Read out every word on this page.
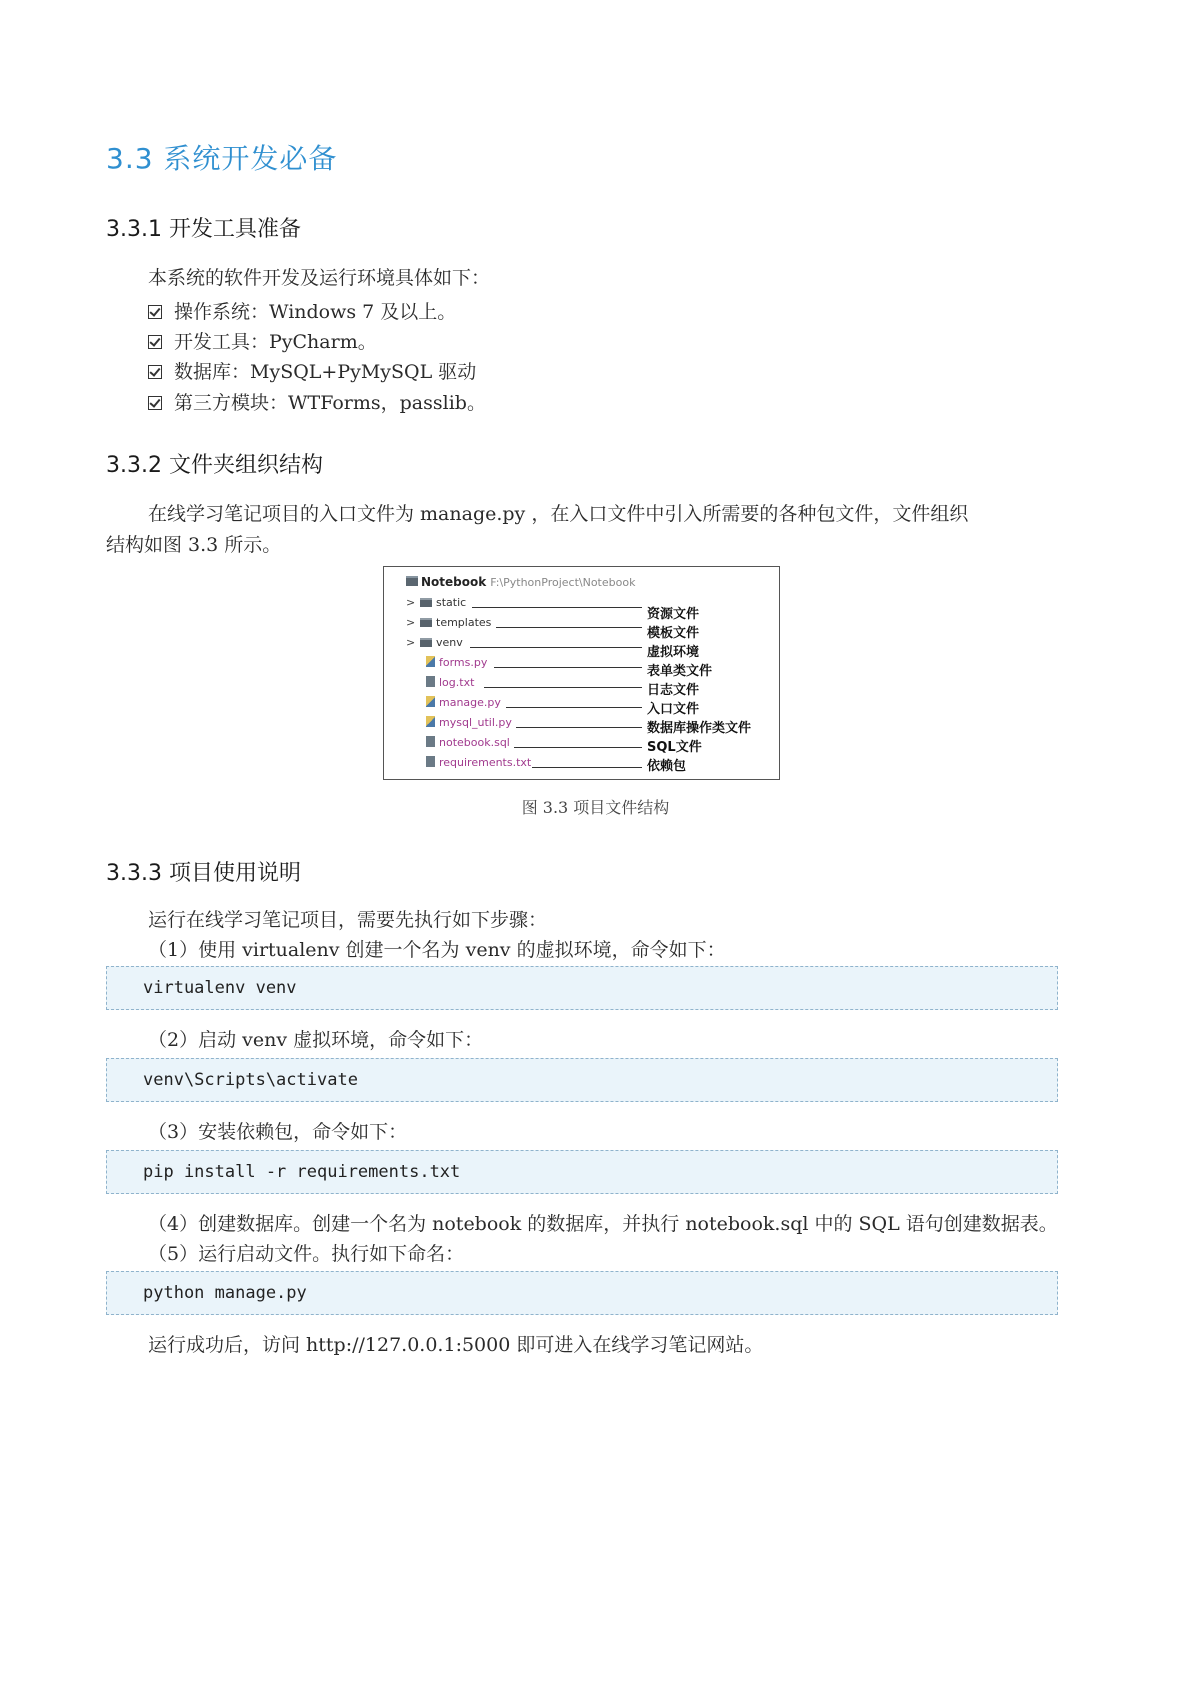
3.3 系统开发必备
3.3.1 开发工具准备
本系统的软件开发及运行环境具体如下：
操作系统：Windows 7 及以上。
开发工具：PyCharm。
数据库：MySQL+PyMySQL 驱动
第三方模块：WTForms，passlib。
3.3.2 文件夹组织结构
在线学习笔记项目的入口文件为 manage.py ，在入口文件中引入所需要的各种包文件，文件组织
结构如图 3.3 所示。
Notebook F:\PythonProject\Notebook
> static
> templates
> venv
forms.py
log.txt
manage.py
mysql_util.py
notebook.sql
requirements.txt
资源文件
模板文件
虚拟环境
表单类文件
日志文件
入口文件
数据库操作类文件
SQL文件
依赖包
图 3.3 项目文件结构
3.3.3 项目使用说明
运行在线学习笔记项目，需要先执行如下步骤：
（1）使用 virtualenv 创建一个名为 venv 的虚拟环境，命令如下：
virtualenv venv
（2）启动 venv 虚拟环境，命令如下：
venv\Scripts\activate
（3）安装依赖包，命令如下：
pip install -r requirements.txt
（4）创建数据库。创建一个名为 notebook 的数据库，并执行 notebook.sql 中的 SQL 语句创建数据表。
（5）运行启动文件。执行如下命名：
python manage.py
运行成功后，访问 http://127.0.0.1:5000 即可进入在线学习笔记网站。
